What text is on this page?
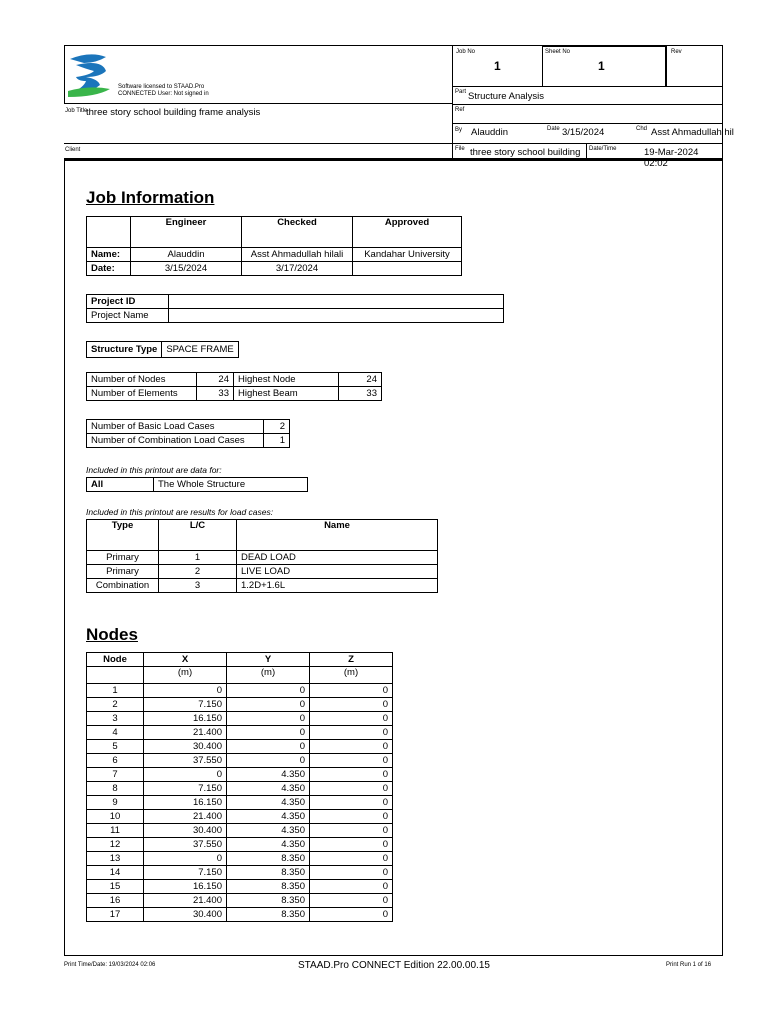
Software licensed to STAAD.Pro
CONNECTED User: Not signed in
Job Title
three story school building frame analysis
Client
Job No
1
Sheet No
1
Rev
Part Structure Analysis
Ref
By Alauddin	Date 3/15/2024	Chd Asst Ahmadullah hil
File three story school building	Date/Time	19-Mar-2024 02:02
Job Information
	Engineer	Checked	Approved
Name:	Alauddin	Asst Ahmadullah hilali	Kandahar University
Date:	3/15/2024	3/17/2024	
Project ID	
Project Name	
Structure Type	SPACE FRAME
Number of Nodes	24	Highest Node	24
Number of Elements	33	Highest Beam	33
Number of Basic Load Cases	2
Number of Combination Load Cases	1
Included in this printout are data for:
All	The Whole Structure
Included in this printout are results for load cases:
Type	L/C	Name
Primary	1	DEAD LOAD
Primary	2	LIVE LOAD
Combination	3	1.2D+1.6L
Nodes
Node	X	Y	Z
	(m)	(m)	(m)
1	0	0	0
2	7.150	0	0
3	16.150	0	0
4	21.400	0	0
5	30.400	0	0
6	37.550	0	0
7	0	4.350	0
8	7.150	4.350	0
9	16.150	4.350	0
10	21.400	4.350	0
11	30.400	4.350	0
12	37.550	4.350	0
13	0	8.350	0
14	7.150	8.350	0
15	16.150	8.350	0
16	21.400	8.350	0
17	30.400	8.350	0
Print Time/Date: 19/03/2024 02:06	STAAD.Pro CONNECT Edition 22.00.00.15	Print Run 1 of 16
